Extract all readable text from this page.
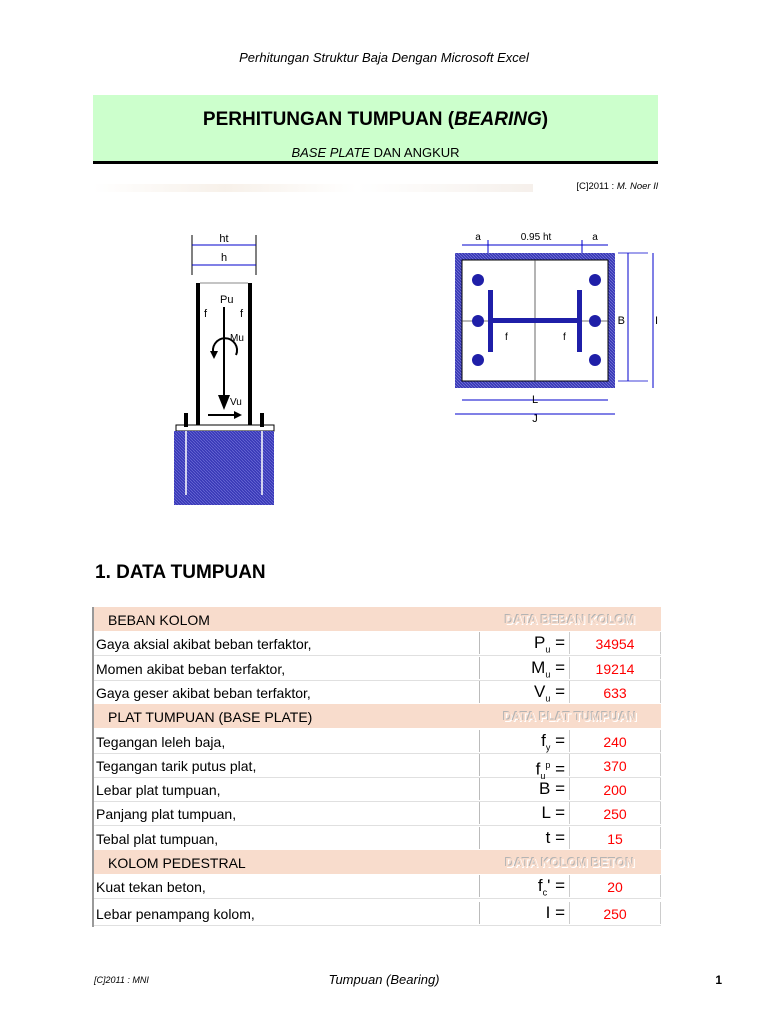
Perhitungan Struktur Baja Dengan Microsoft Excel
PERHITUNGAN TUMPUAN (BEARING)
BASE PLATE DAN ANGKUR
[C]2011 : M. Noer Il
ht
h
Pu
f	f
Mu
Vu
a	0.95 ht	a
f	f
B	I
L
J
1. DATA TUMPUAN
BEBAN KOLOM	DATA BEBAN KOLOM
Gaya aksial akibat beban terfaktor,	$P_u$ =	34954
Momen akibat beban terfaktor,	$M_u$ =	19214
Gaya geser akibat beban terfaktor,	$V_u$ =	633
PLAT TUMPUAN (BASE PLATE)	DATA PLAT TUMPUAN
Tegangan leleh baja,	$f_y$ =	240
Tegangan tarik putus plat,	$f_u^p$ =	370
Lebar plat tumpuan,	B =	200
Panjang plat tumpuan,	L =	250
Tebal plat tumpuan,	t =	15
KOLOM PEDESTRAL	DATA KOLOM BETON
Kuat tekan beton,	$f_c'$ =	20
Lebar penampang kolom,	I =	250
[C]2011 : MNI	Tumpuan (Bearing)	1
